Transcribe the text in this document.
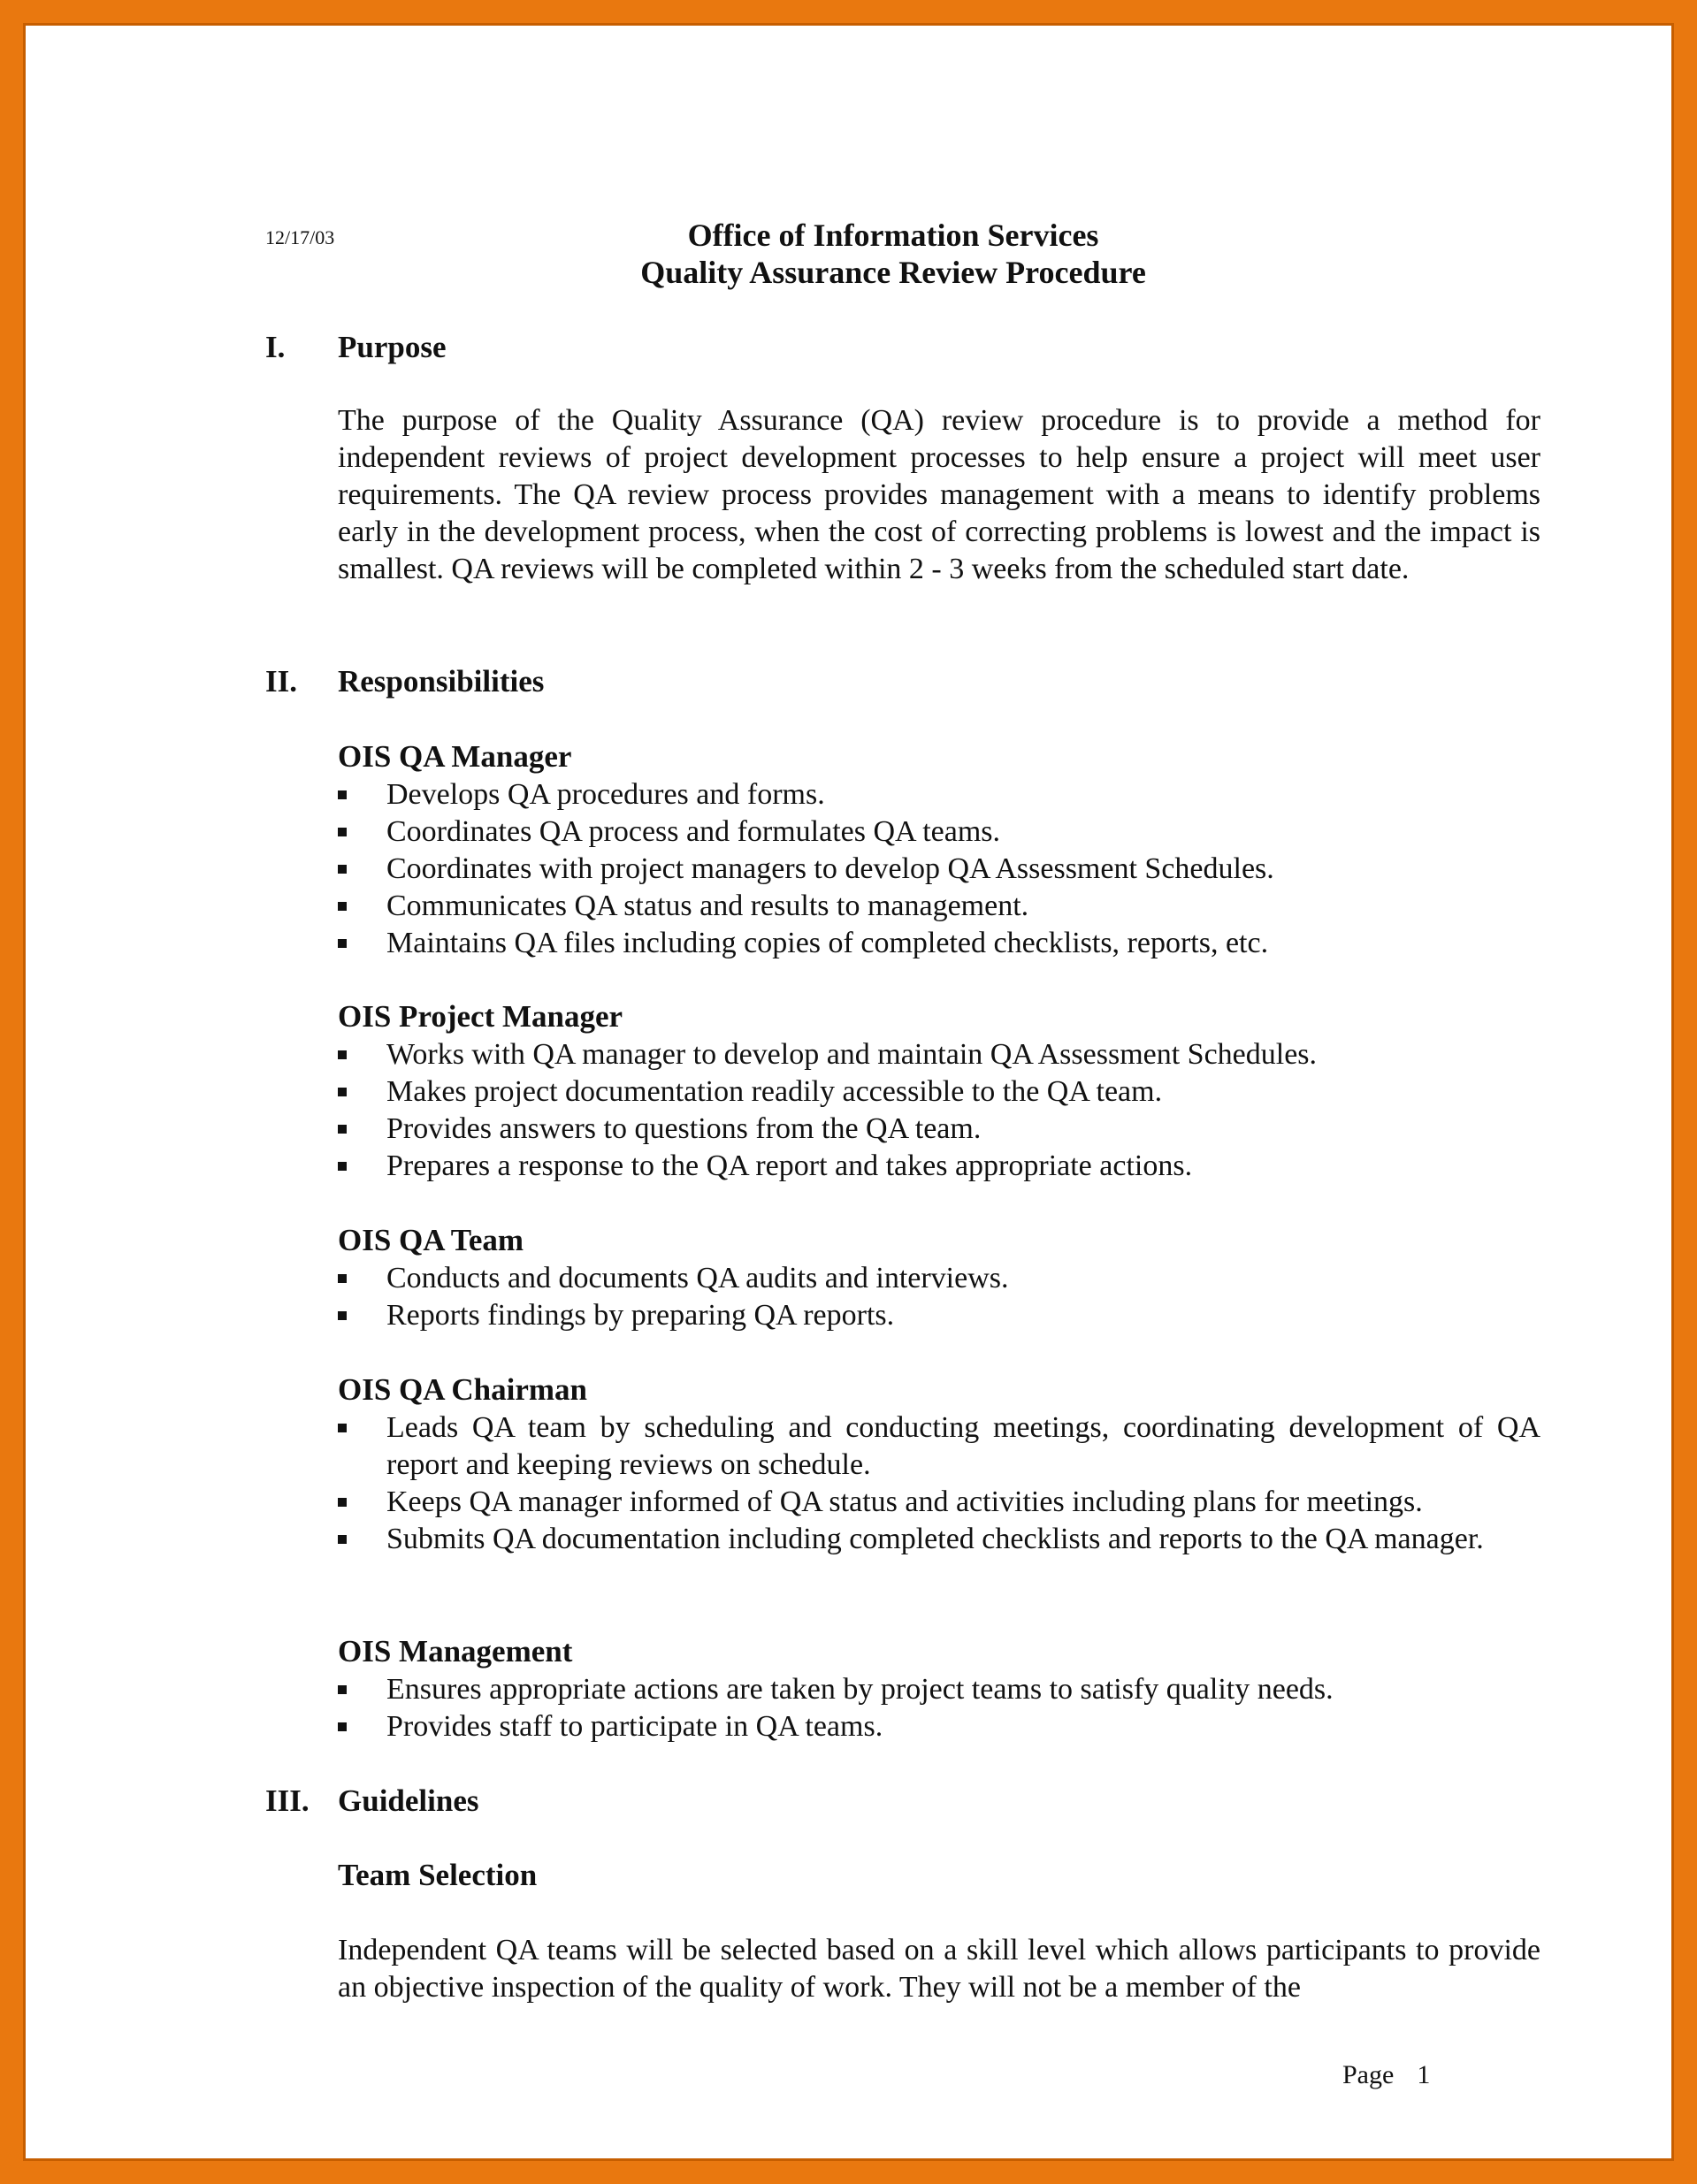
12/17/03	Office of Information Services
Quality Assurance Review Procedure
I. Purpose
The purpose of the Quality Assurance (QA) review procedure is to provide a method for independent reviews of project development processes to help ensure a project will meet user requirements. The QA review process provides management with a means to identify problems early in the development process, when the cost of correcting problems is lowest and the impact is smallest. QA reviews will be completed within 2 - 3 weeks from the scheduled start date.
II. Responsibilities
OIS QA Manager
Develops QA procedures and forms.
Coordinates QA process and formulates QA teams.
Coordinates with project managers to develop QA Assessment Schedules.
Communicates QA status and results to management.
Maintains QA files including copies of completed checklists, reports, etc.
OIS Project Manager
Works with QA manager to develop and maintain QA Assessment Schedules.
Makes project documentation readily accessible to the QA team.
Provides answers to questions from the QA team.
Prepares a response to the QA report and takes appropriate actions.
OIS QA Team
Conducts and documents QA audits and interviews.
Reports findings by preparing QA reports.
OIS QA Chairman
Leads QA team by scheduling and conducting meetings, coordinating development of QA report and keeping reviews on schedule.
Keeps QA manager informed of QA status and activities including plans for meetings.
Submits QA documentation including completed checklists and reports to the QA manager.
OIS Management
Ensures appropriate actions are taken by project teams to satisfy quality needs.
Provides staff to participate in QA teams.
III. Guidelines
Team Selection
Independent QA teams will be selected based on a skill level which allows participants to provide an objective inspection of the quality of work. They will not be a member of the
Page 1
